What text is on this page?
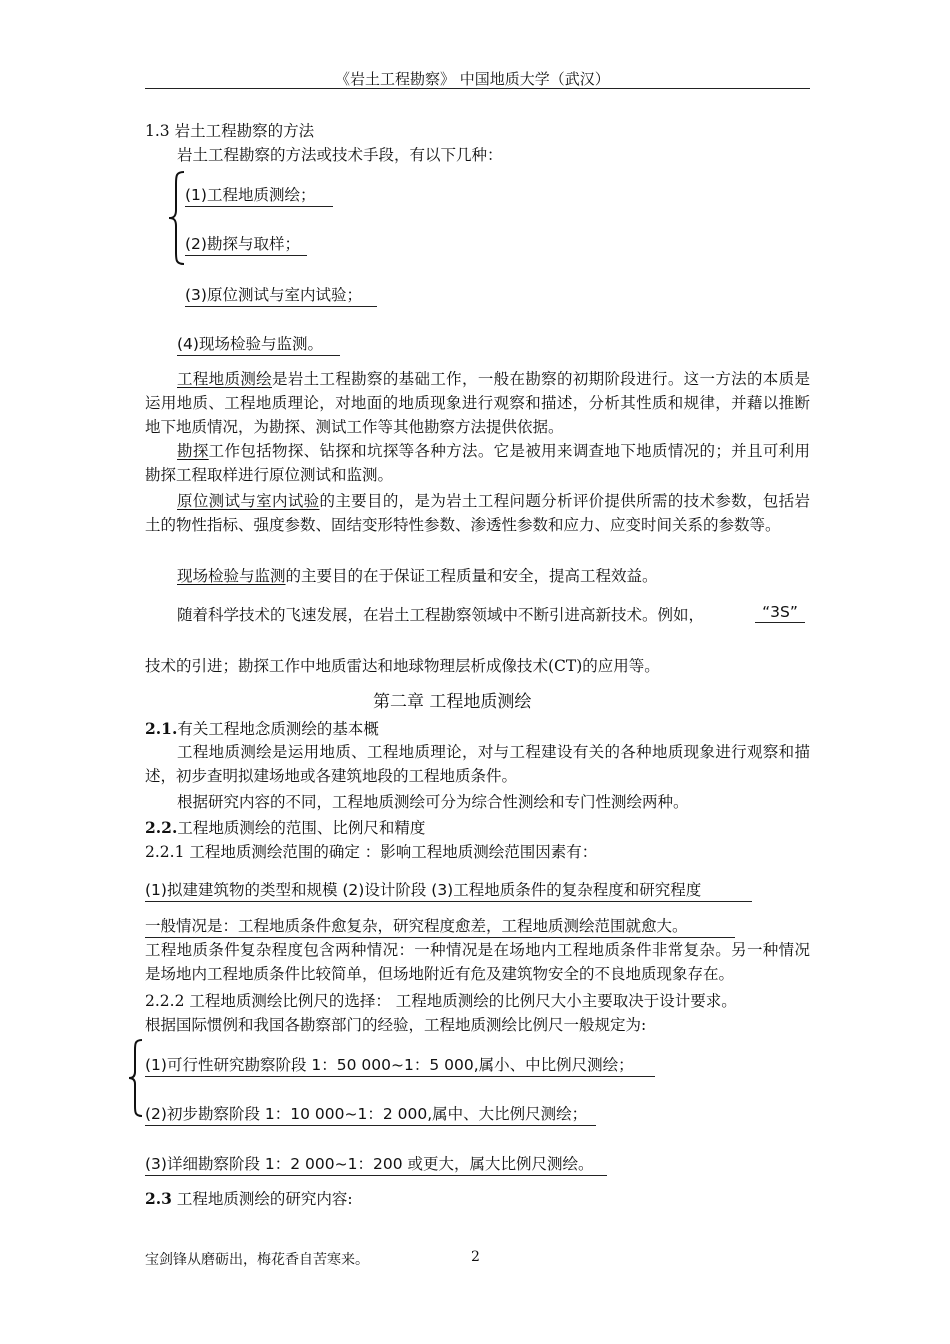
《岩土工程勘察》 中国地质大学（武汉）
1.3 岩土工程勘察的方法
岩土工程勘察的方法或技术手段，有以下几种：
(1)工程地质测绘；
(2)勘探与取样；
(3)原位测试与室内试验；
(4)现场检验与监测。
工程地质测绘是岩土工程勘察的基础工作，一般在勘察的初期阶段进行。这一方法的本质是运用地质、工程地质理论，对地面的地质现象进行观察和描述，分析其性质和规律，并藉以推断地下地质情况，为勘探、测试工作等其他勘察方法提供依据。
勘探工作包括物探、钻探和坑探等各种方法。它是被用来调查地下地质情况的；并且可利用勘探工程取样进行原位测试和监测。
原位测试与室内试验的主要目的，是为岩土工程问题分析评价提供所需的技术参数，包括岩土的物性指标、强度参数、固结变形特性参数、渗透性参数和应力、应变时间关系的参数等。
现场检验与监测的主要目的在于保证工程质量和安全，提高工程效益。
随着科学技术的飞速发展，在岩土工程勘察领域中不断引进高新技术。例如，	“3S”
技术的引进；勘探工作中地质雷达和地球物理层析成像技术(CT)的应用等。
第二章 工程地质测绘
2.1.有关工程地念质测绘的基本概
工程地质测绘是运用地质、工程地质理论，对与工程建设有关的各种地质现象进行观察和描述，初步查明拟建场地或各建筑地段的工程地质条件。
根据研究内容的不同，工程地质测绘可分为综合性测绘和专门性测绘两种。
2.2.工程地质测绘的范围、比例尺和精度
2.2.1 工程地质测绘范围的确定 ：影响工程地质测绘范围因素有：
(1)拟建建筑物的类型和规模 (2)设计阶段 (3)工程地质条件的复杂程度和研究程度
一般情况是：工程地质条件愈复杂，研究程度愈差，工程地质测绘范围就愈大。
工程地质条件复杂程度包含两种情况：一种情况是在场地内工程地质条件非常复杂。另一种情况是场地内工程地质条件比较简单，但场地附近有危及建筑物安全的不良地质现象存在。
2.2.2 工程地质测绘比例尺的选择： 工程地质测绘的比例尺大小主要取决于设计要求。
根据国际惯例和我国各勘察部门的经验，工程地质测绘比例尺一般规定为:
(1)可行性研究勘察阶段 1：50 000~1：5 000,属小、中比例尺测绘；
(2)初步勘察阶段 1：10 000~1：2 000,属中、大比例尺测绘；
(3)详细勘察阶段 1：2 000~1：200 或更大，属大比例尺测绘。
2.3 工程地质测绘的研究内容:
宝剑锋从磨砺出，梅花香自苦寒来。	2
